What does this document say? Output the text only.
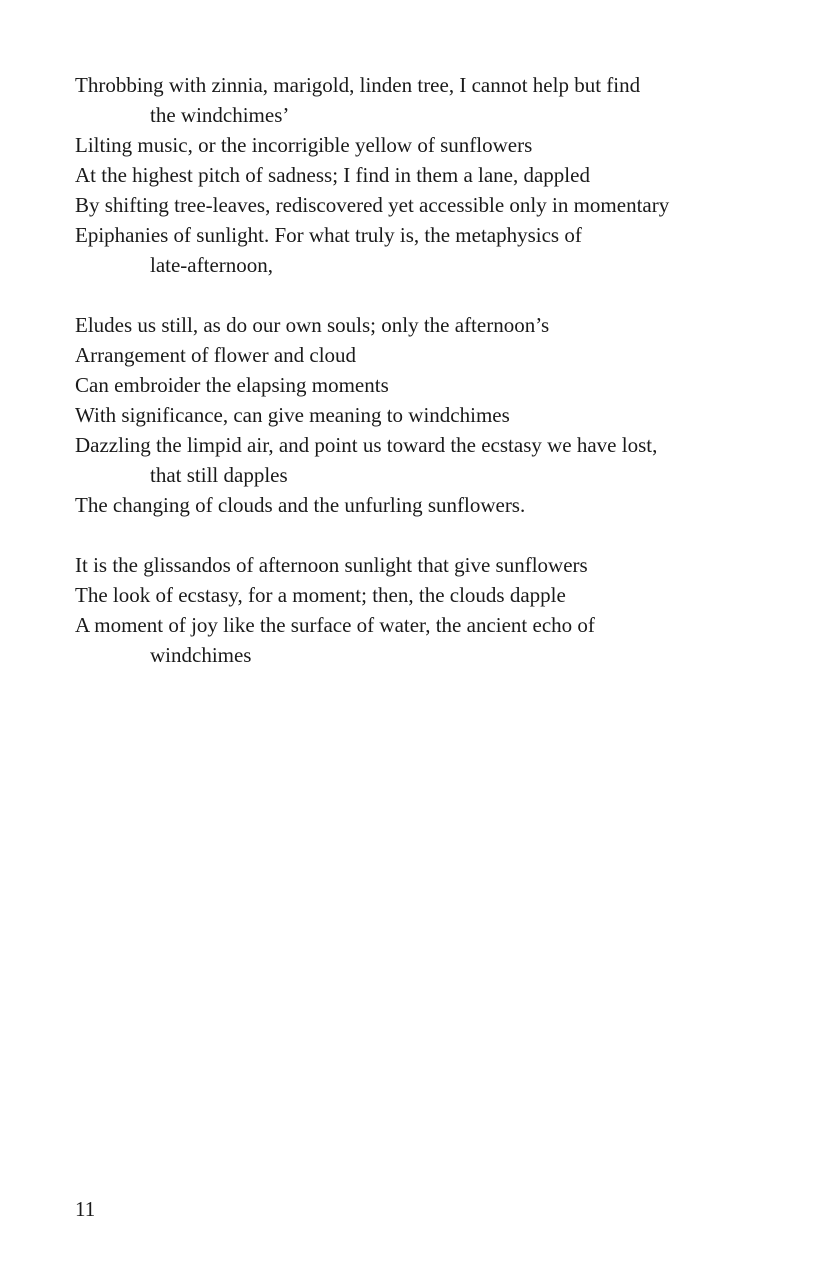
Throbbing with zinnia, marigold, linden tree, I cannot help but find
the windchimes’
Lilting music, or the incorrigible yellow of sunflowers
At the highest pitch of sadness; I find in them a lane, dappled
By shifting tree-leaves, rediscovered yet accessible only in momentary
Epiphanies of sunlight. For what truly is, the metaphysics of
late-afternoon,
Eludes us still, as do our own souls; only the afternoon’s
Arrangement of flower and cloud
Can embroider the elapsing moments
With significance, can give meaning to windchimes
Dazzling the limpid air, and point us toward the ecstasy we have lost,
that still dapples
The changing of clouds and the unfurling sunflowers.
It is the glissandos of afternoon sunlight that give sunflowers
The look of ecstasy, for a moment; then, the clouds dapple
A moment of joy like the surface of water, the ancient echo of
windchimes
11
